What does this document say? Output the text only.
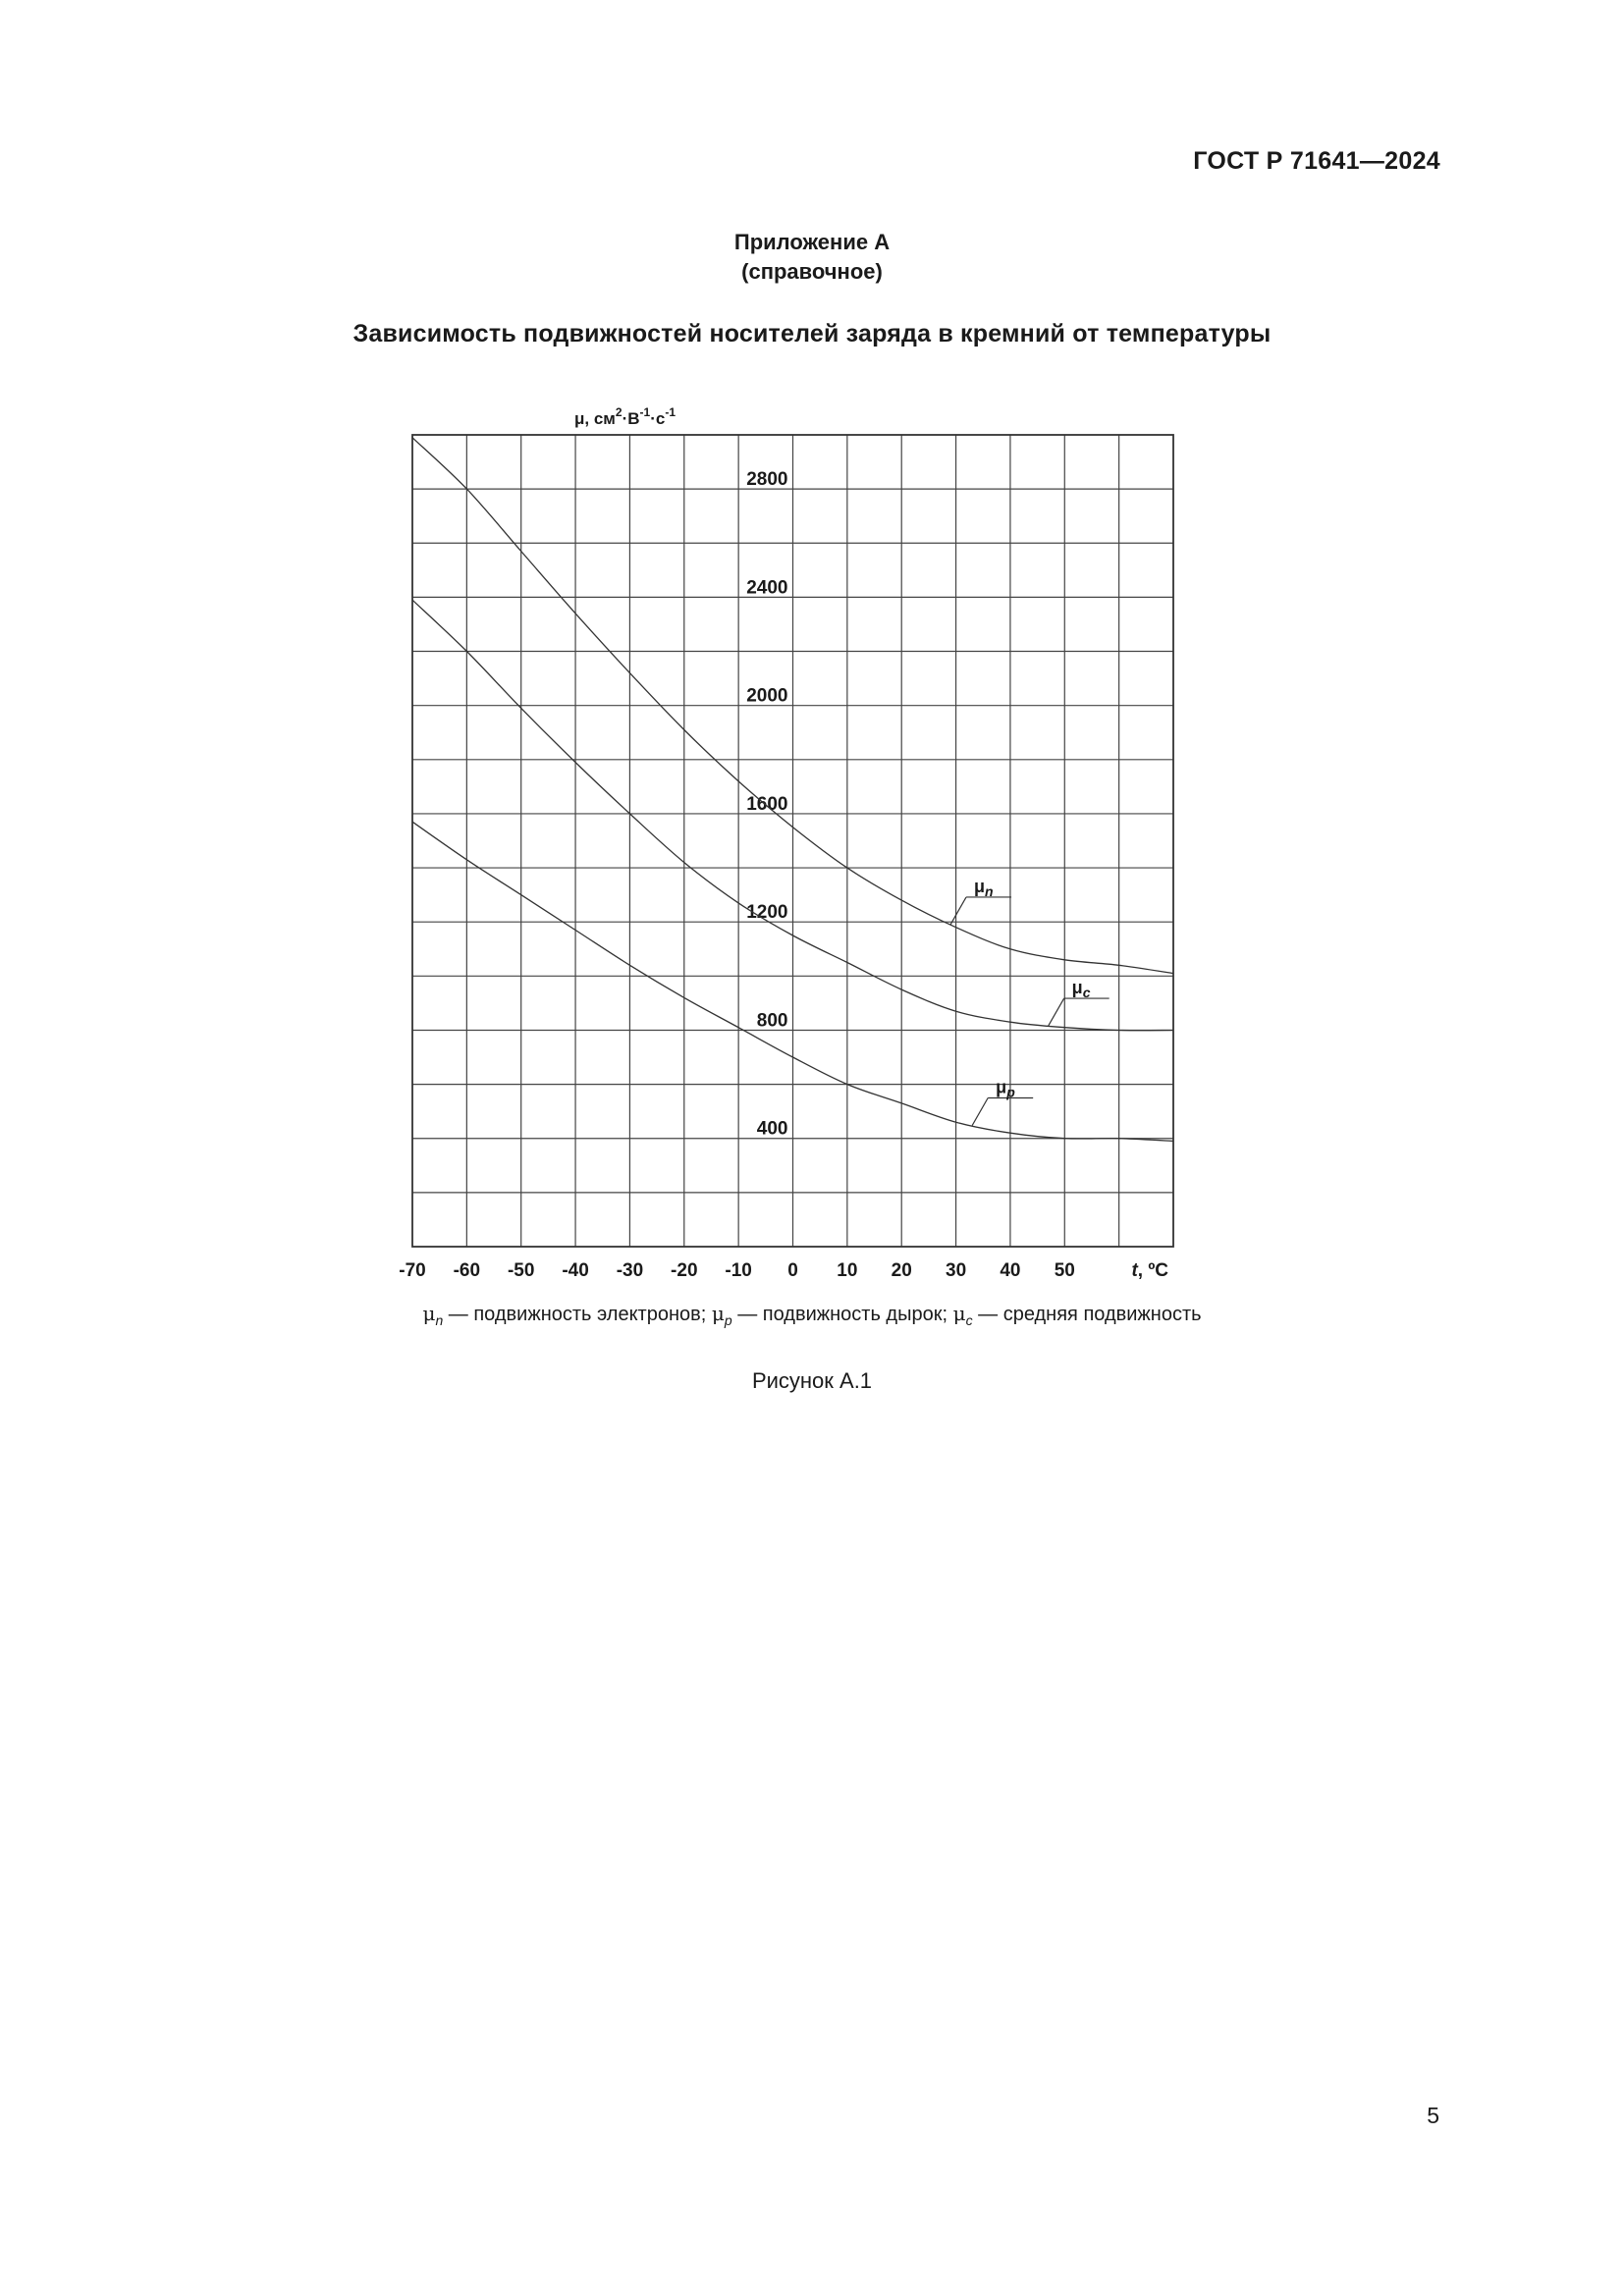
ГОСТ Р 71641—2024
Приложение А
(справочное)
Зависимость подвижностей носителей заряда в кремний от температуры
μ, $см^2\cdot В^{-1}\cdot с^{-1}$
400
800
1200
1600
2000
2400
2800
-70 -60 -50 -40 -30 -20 -10 0 10 20 30 40 50	t, ºС
$\mu_n$
$\mu_c$
$\mu_p$
$\mu_n$ — подвижность электронов; $\mu_p$ — подвижность дырок; $\mu_c$ — средняя подвижность
Рисунок А.1
5
